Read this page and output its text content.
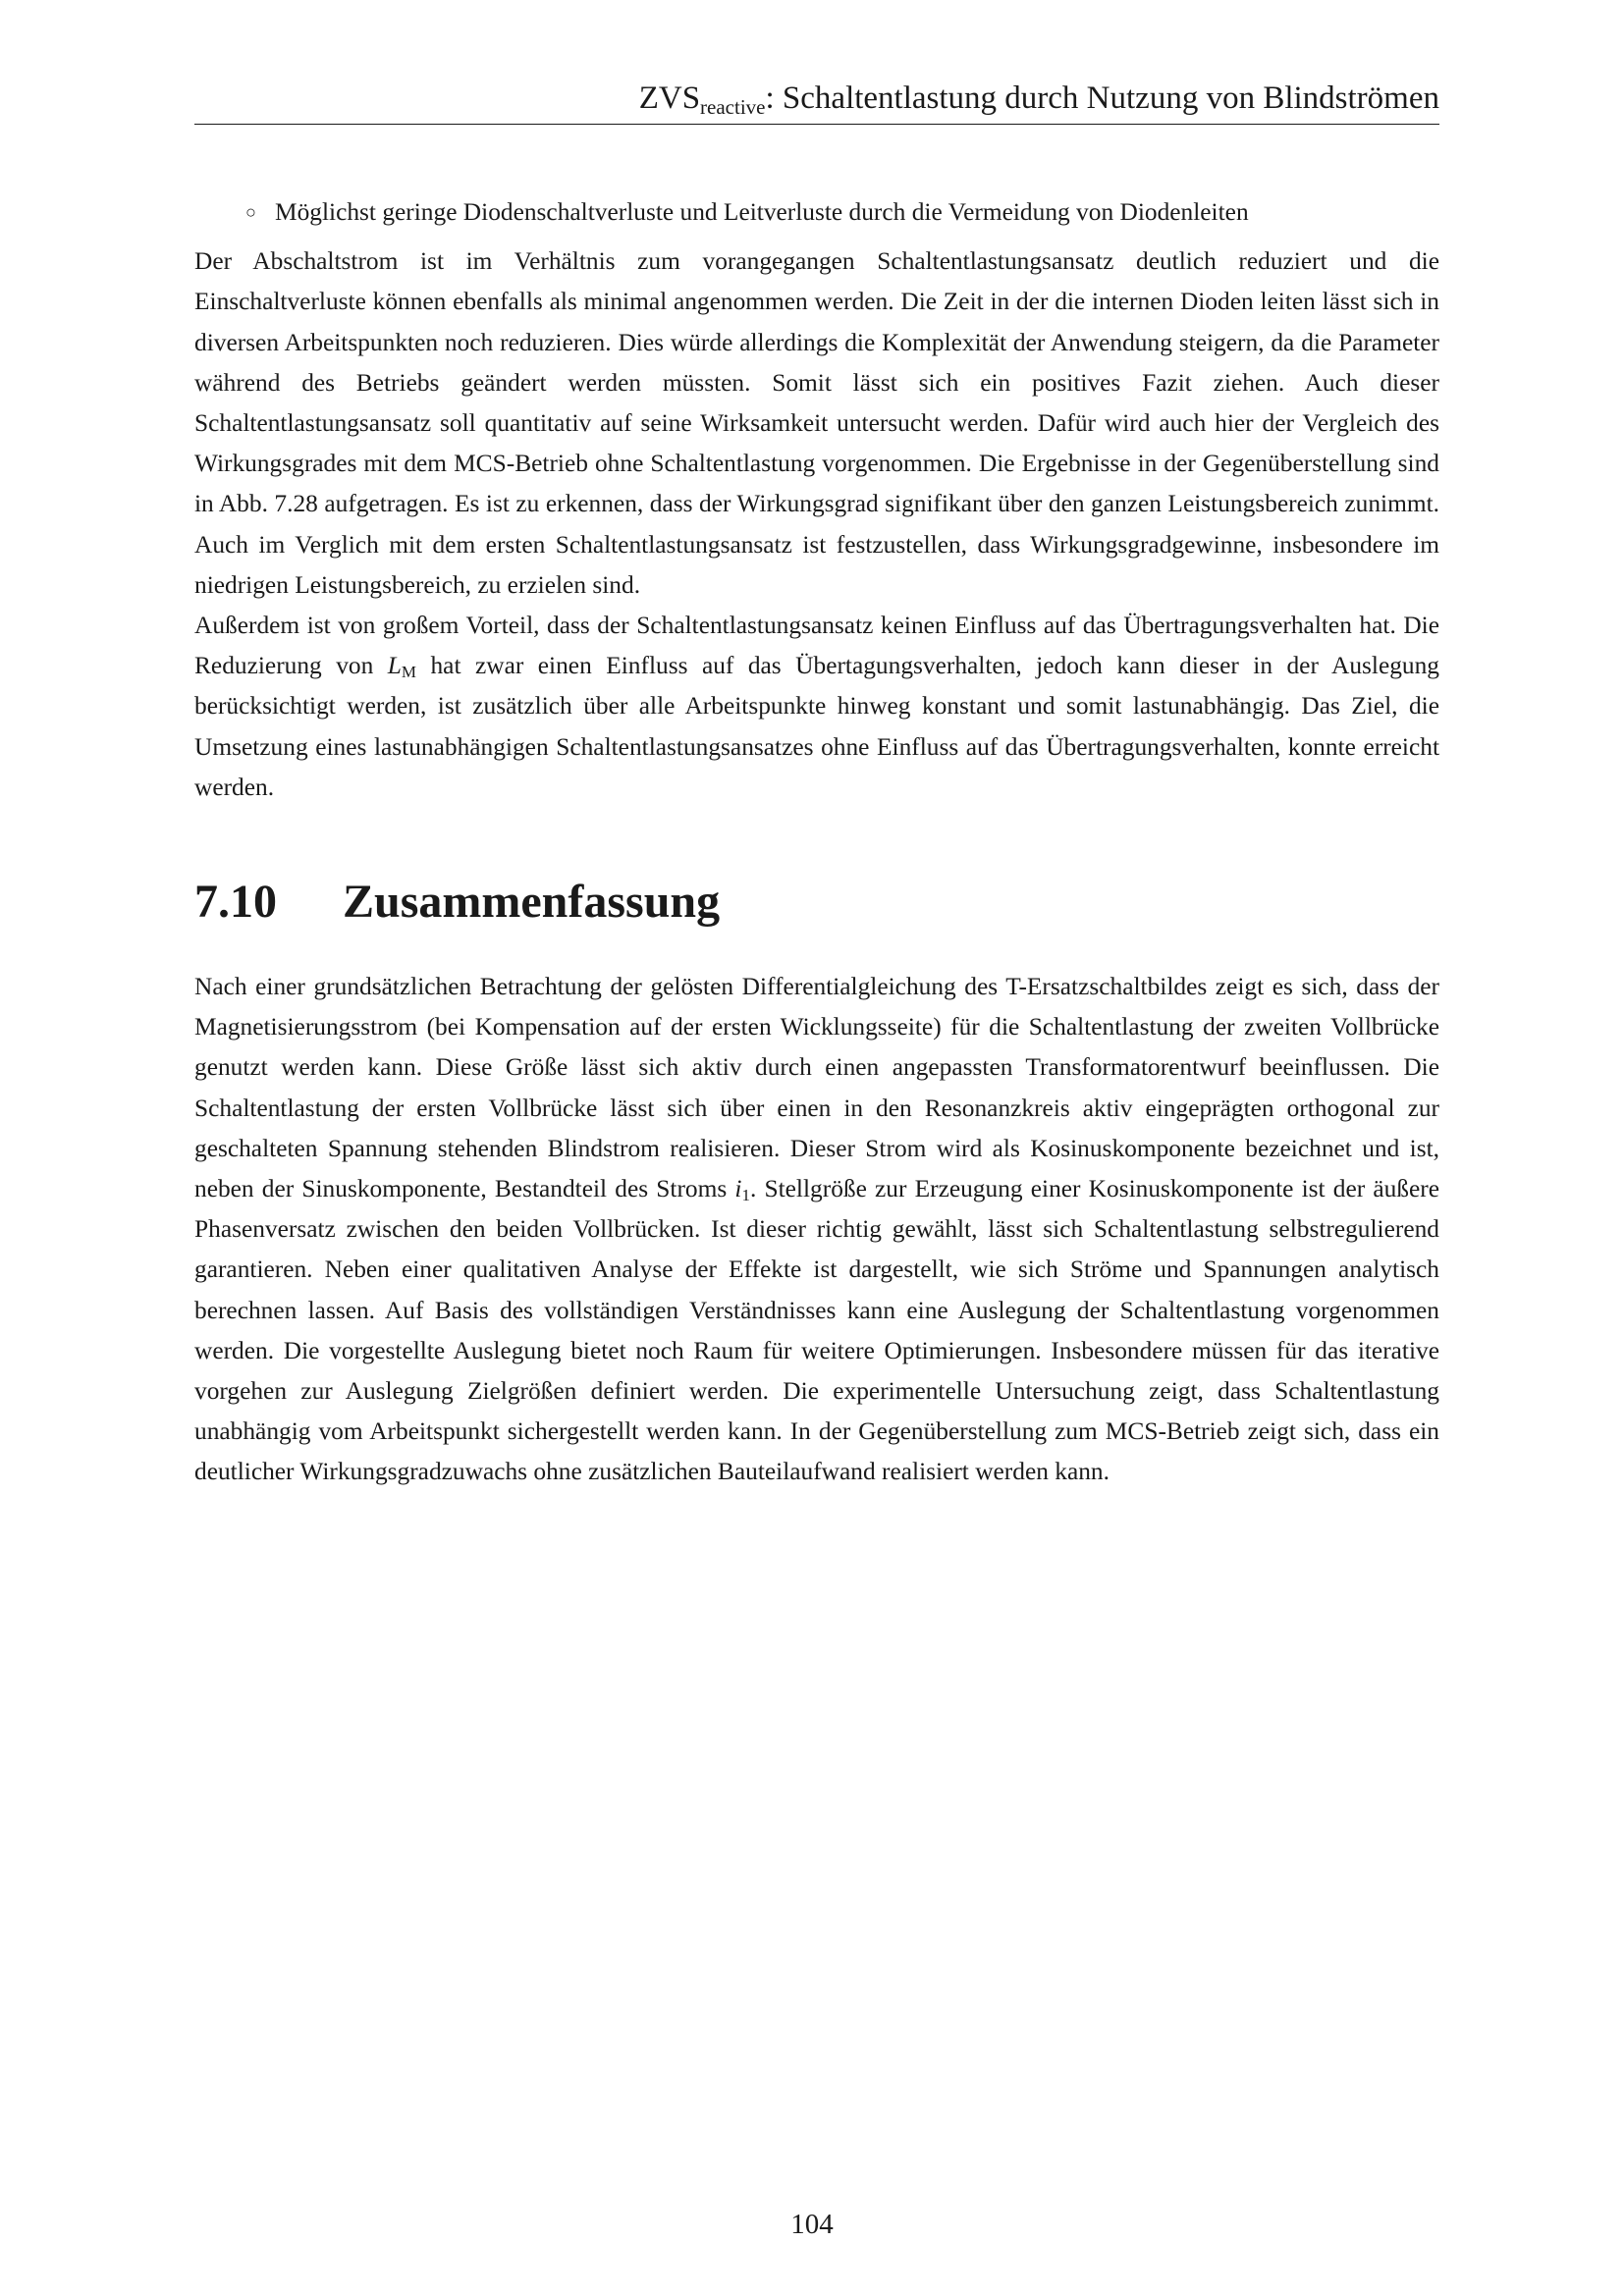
$ZVS_{reactive}$: Schaltentlastung durch Nutzung von Blindströmen
○ Möglichst geringe Diodenschaltverluste und Leitverluste durch die Vermeidung von Diodenleiten

Der Abschaltstrom ist im Verhältnis zum vorangegangen Schaltentlastungsansatz deutlich reduziert und die Einschaltverluste können ebenfalls als minimal angenommen werden. Die Zeit in der die internen Dioden leiten lässt sich in diversen Arbeitspunkten noch reduzieren. Dies würde allerdings die Komplexität der Anwendung steigern, da die Parameter während des Betriebs geändert werden müssten. Somit lässt sich ein positives Fazit ziehen. Auch dieser Schaltentlastungsansatz soll quantitativ auf seine Wirksamkeit untersucht werden. Dafür wird auch hier der Vergleich des Wirkungsgrades mit dem MCS-Betrieb ohne Schaltentlastung vorgenommen. Die Ergebnisse in der Gegenüberstellung sind in Abb. 7.28 aufgetragen. Es ist zu erkennen, dass der Wirkungsgrad signifikant über den ganzen Leistungsbereich zunimmt. Auch im Verglich mit dem ersten Schaltentlastungsansatz ist festzustellen, dass Wirkungsgradgewinne, insbesondere im niedrigen Leistungsbereich, zu erzielen sind.

Außerdem ist von großem Vorteil, dass der Schaltentlastungsansatz keinen Einfluss auf das Übertragungsverhalten hat. Die Reduzierung von $L_M$ hat zwar einen Einfluss auf das Übertagungsverhalten, jedoch kann dieser in der Auslegung berücksichtigt werden, ist zusätzlich über alle Arbeitspunkte hinweg konstant und somit lastunabhängig. Das Ziel, die Umsetzung eines lastunabhängigen Schaltentlastungsansatzes ohne Einfluss auf das Übertragungsverhalten, konnte erreicht werden.

7.10	Zusammenfassung

Nach einer grundsätzlichen Betrachtung der gelösten Differentialgleichung des T-Ersatzschaltbildes zeigt es sich, dass der Magnetisierungsstrom (bei Kompensation auf der ersten Wicklungsseite) für die Schaltentlastung der zweiten Vollbrücke genutzt werden kann. Diese Größe lässt sich aktiv durch einen angepassten Transformatorentwurf beeinflussen. Die Schaltentlastung der ersten Vollbrücke lässt sich über einen in den Resonanzkreis aktiv eingeprägten orthogonal zur geschalteten Spannung stehenden Blindstrom realisieren. Dieser Strom wird als Kosinuskomponente bezeichnet und ist, neben der Sinuskomponente, Bestandteil des Stroms $i_1$. Stellgröße zur Erzeugung einer Kosinuskomponente ist der äußere Phasenversatz zwischen den beiden Vollbrücken. Ist dieser richtig gewählt, lässt sich Schaltentlastung selbstregulierend garantieren. Neben einer qualitativen Analyse der Effekte ist dargestellt, wie sich Ströme und Spannungen analytisch berechnen lassen. Auf Basis des vollständigen Verständnisses kann eine Auslegung der Schaltentlastung vorgenommen werden. Die vorgestellte Auslegung bietet noch Raum für weitere Optimierungen. Insbesondere müssen für das iterative vorgehen zur Auslegung Zielgrößen definiert werden. Die experimentelle Untersuchung zeigt, dass Schaltentlastung unabhängig vom Arbeitspunkt sichergestellt werden kann. In der Gegenüberstellung zum MCS-Betrieb zeigt sich, dass ein deutlicher Wirkungsgradzuwachs ohne zusätzlichen Bauteilaufwand realisiert werden kann.

104
